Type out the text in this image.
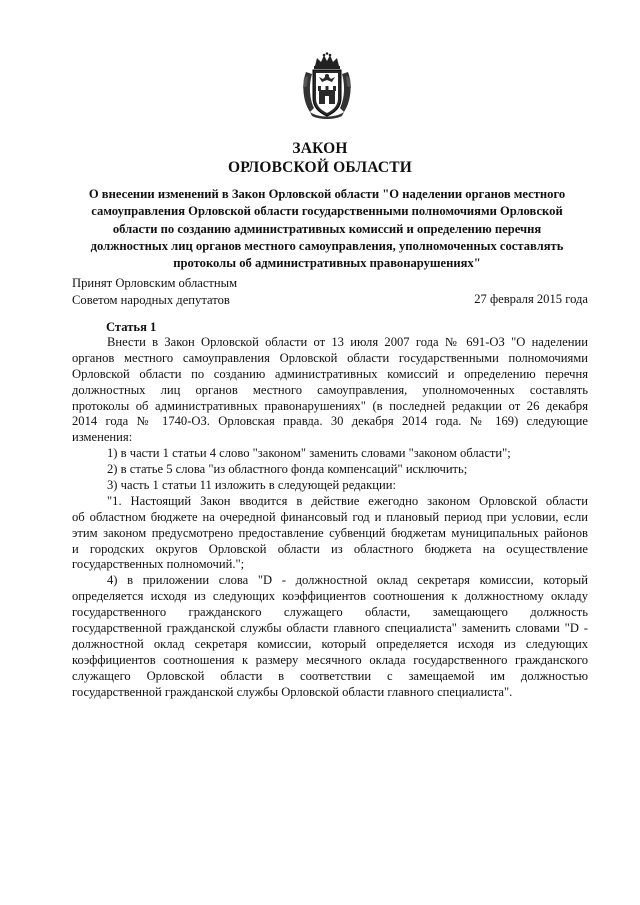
ЗАКОН
ОРЛОВСКОЙ ОБЛАСТИ
О внесении изменений в Закон Орловской области "О наделении органов местного
самоуправления Орловской области государственными полномочиями Орловской
области по созданию административных комиссий и определению перечня
должностных лиц органов местного самоуправления, уполномоченных составлять
протоколы об административных правонарушениях"
Принят Орловским областным
Советом народных депутатов	27 февраля 2015 года
Статья 1
Внести в Закон Орловской области от 13 июля 2007 года № 691-ОЗ "О наделении
органов местного самоуправления Орловской области государственными полномочиями
Орловской области по созданию административных комиссий и определению перечня
должностных лиц органов местного самоуправления, уполномоченных составлять
протоколы об административных правонарушениях" (в последней редакции от 26 декабря
2014 года № 1740-ОЗ. Орловская правда. 30 декабря 2014 года. № 169) следующие
изменения:
1) в части 1 статьи 4 слово "законом" заменить словами "законом области";
2) в статье 5 слова "из областного фонда компенсаций" исключить;
3) часть 1 статьи 11 изложить в следующей редакции:
"1. Настоящий Закон вводится в действие ежегодно законом Орловской области
об областном бюджете на очередной финансовый год и плановый период при условии, если
этим законом предусмотрено предоставление субвенций бюджетам муниципальных районов
и городских округов Орловской области из областного бюджета на осуществление
государственных полномочий.";
4) в приложении слова "D - должностной оклад секретаря комиссии, который
определяется исходя из следующих коэффициентов соотношения к должностному окладу
государственного гражданского служащего области, замещающего должность
государственной гражданской службы области главного специалиста" заменить словами "D -
должностной оклад секретаря комиссии, который определяется исходя из следующих
коэффициентов соотношения к размеру месячного оклада государственного гражданского
служащего Орловской области в соответствии с замещаемой им должностью
государственной гражданской службы Орловской области главного специалиста".
